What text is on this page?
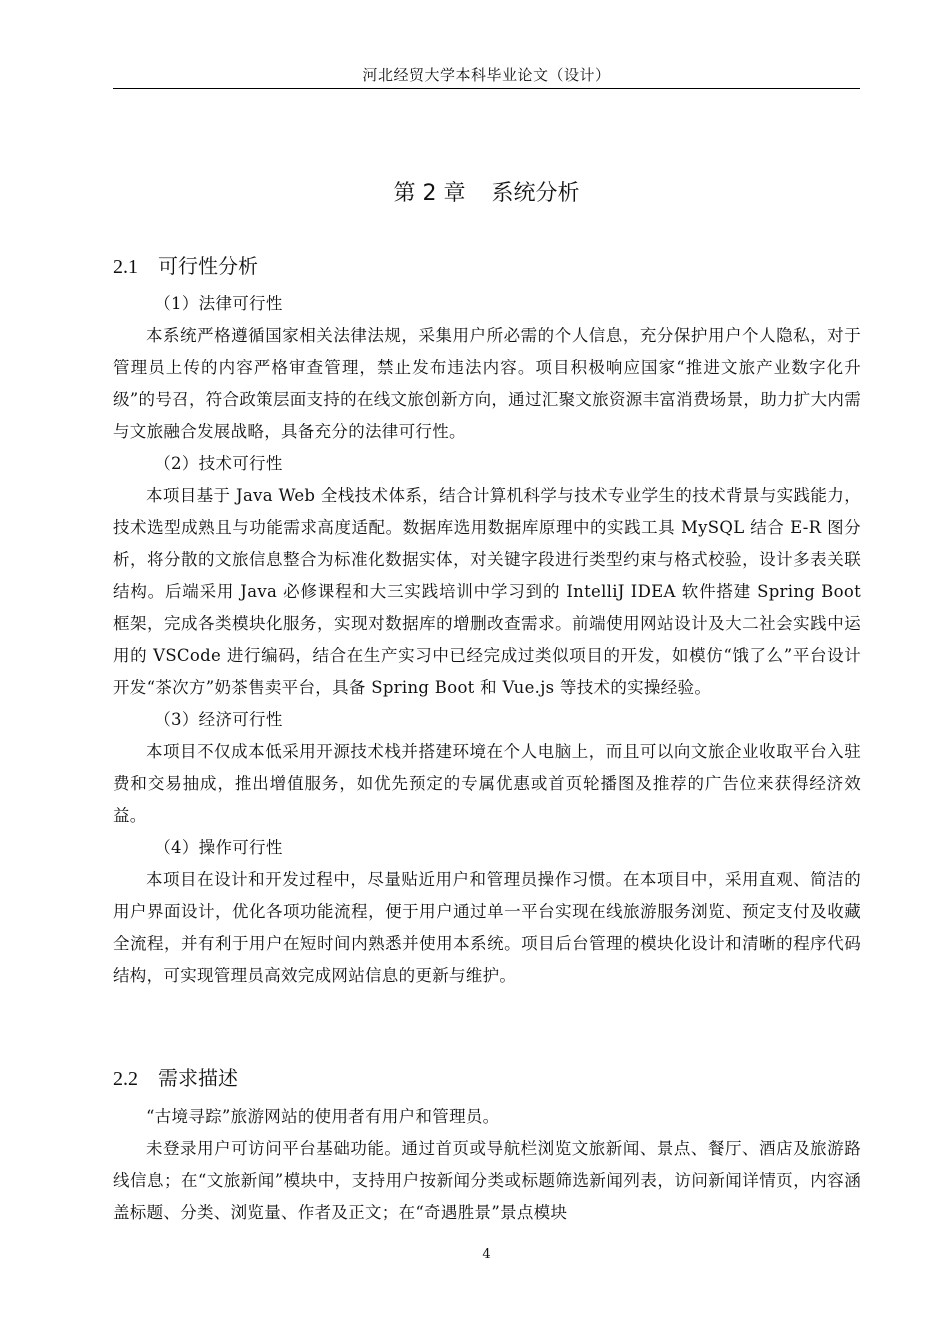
河北经贸大学本科毕业论文（设计）
第 2 章 系统分析
2.1 可行性分析

（1）法律可行性

本系统严格遵循国家相关法律法规，采集用户所必需的个人信息，充分保护用户个人隐私，对于管理员上传的内容严格审查管理，禁止发布违法内容。项目积极响应国家“推进文旅产业数字化升级”的号召，符合政策层面支持的在线文旅创新方向，通过汇聚文旅资源丰富消费场景，助力扩大内需与文旅融合发展战略，具备充分的法律可行性。

（2）技术可行性

本项目基于 Java Web 全栈技术体系，结合计算机科学与技术专业学生的技术背景与实践能力，技术选型成熟且与功能需求高度适配。数据库选用数据库原理中的实践工具 MySQL 结合 E-R 图分析，将分散的文旅信息整合为标准化数据实体，对关键字段进行类型约束与格式校验，设计多表关联结构。后端采用 Java 必修课程和大三实践培训中学习到的 IntelliJ IDEA 软件搭建 Spring Boot 框架，完成各类模块化服务，实现对数据库的增删改查需求。前端使用网站设计及大二社会实践中运用的 VSCode 进行编码，结合在生产实习中已经完成过类似项目的开发，如模仿“饿了么”平台设计开发“茶次方”奶茶售卖平台，具备 Spring Boot 和 Vue.js 等技术的实操经验。

（3）经济可行性

本项目不仅成本低采用开源技术栈并搭建环境在个人电脑上，而且可以向文旅企业收取平台入驻费和交易抽成，推出增值服务，如优先预定的专属优惠或首页轮播图及推荐的广告位来获得经济效益。

（4）操作可行性

本项目在设计和开发过程中，尽量贴近用户和管理员操作习惯。在本项目中，采用直观、简洁的用户界面设计，优化各项功能流程，便于用户通过单一平台实现在线旅游服务浏览、预定支付及收藏全流程，并有利于用户在短时间内熟悉并使用本系统。项目后台管理的模块化设计和清晰的程序代码结构，可实现管理员高效完成网站信息的更新与维护。

2.2 需求描述

“古境寻踪”旅游网站的使用者有用户和管理员。

未登录用户可访问平台基础功能。通过首页或导航栏浏览文旅新闻、景点、餐厅、酒店及旅游路线信息；在“文旅新闻”模块中，支持用户按新闻分类或标题筛选新闻列表，访问新闻详情页，内容涵盖标题、分类、浏览量、作者及正文；在“奇遇胜景”景点模块

4
